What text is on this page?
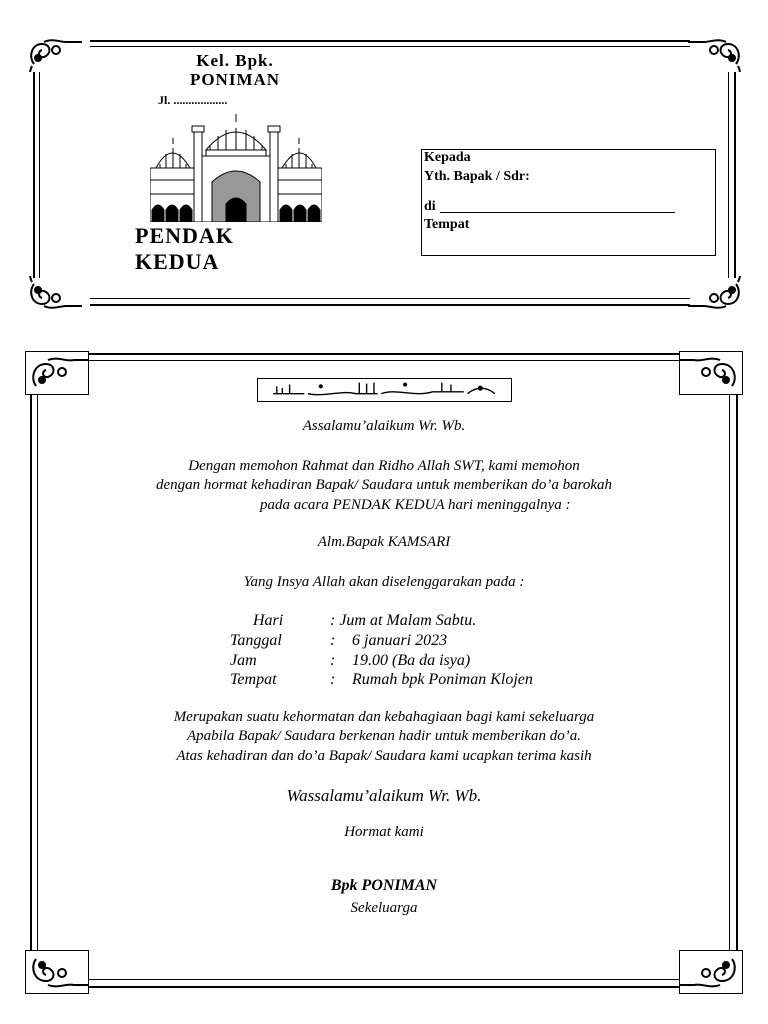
Kel. Bpk.
PONIMAN
Jl. ..................
PENDAK
KEDUA
Kepada
Yth. Bapak / Sdr:
di
Tempat
Assalamu’alaikum Wr. Wb.
Dengan memohon Rahmat dan Ridho Allah SWT, kami memohon
dengan hormat kehadiran Bapak/ Saudara untuk memberikan do’a barokah
pada acara PENDAK KEDUA hari meninggalnya :
Alm.Bapak KAMSARI
Yang Insya Allah akan diselenggarakan pada :
Hari	: Jum at Malam Sabtu.
Tanggal	: 6 januari 2023
Jam	: 19.00 (Ba da isya)
Tempat	: Rumah bpk Poniman Klojen
Merupakan suatu kehormatan dan kebahagiaan bagi kami sekeluarga
Apabila Bapak/ Saudara berkenan hadir untuk memberikan do’a.
Atas kehadiran dan do’a Bapak/ Saudara kami ucapkan terima kasih
Wassalamu’alaikum Wr. Wb.
Hormat kami
Bpk PONIMAN
Sekeluarga
